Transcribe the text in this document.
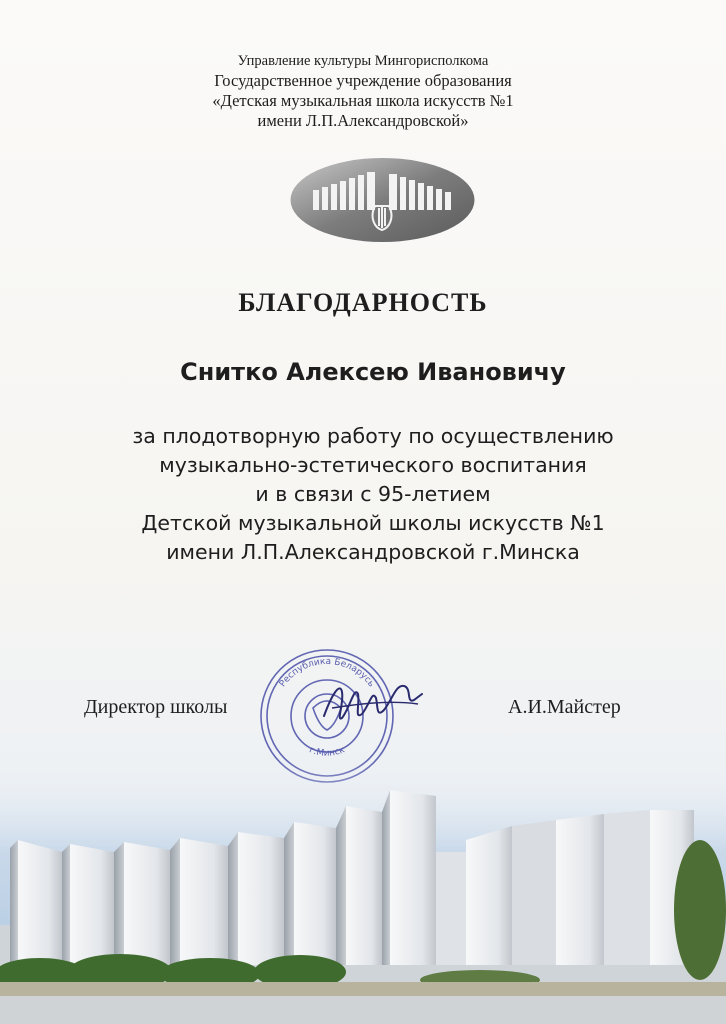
Управление культуры Мингорисполкома
Государственное учреждение образования
«Детская музыкальная школа искусств №1
имени Л.П.Александровской»
БЛАГОДАРНОСТЬ
Снитко Алексею Ивановичу
за плодотворную работу по осуществлению
музыкально-эстетического воспитания
и в связи с 95-летием
Детской музыкальной школы искусств №1
имени Л.П.Александровской г.Минска
Директор школы
Республика Беларусь
г.Минск
А.И.Майстер
